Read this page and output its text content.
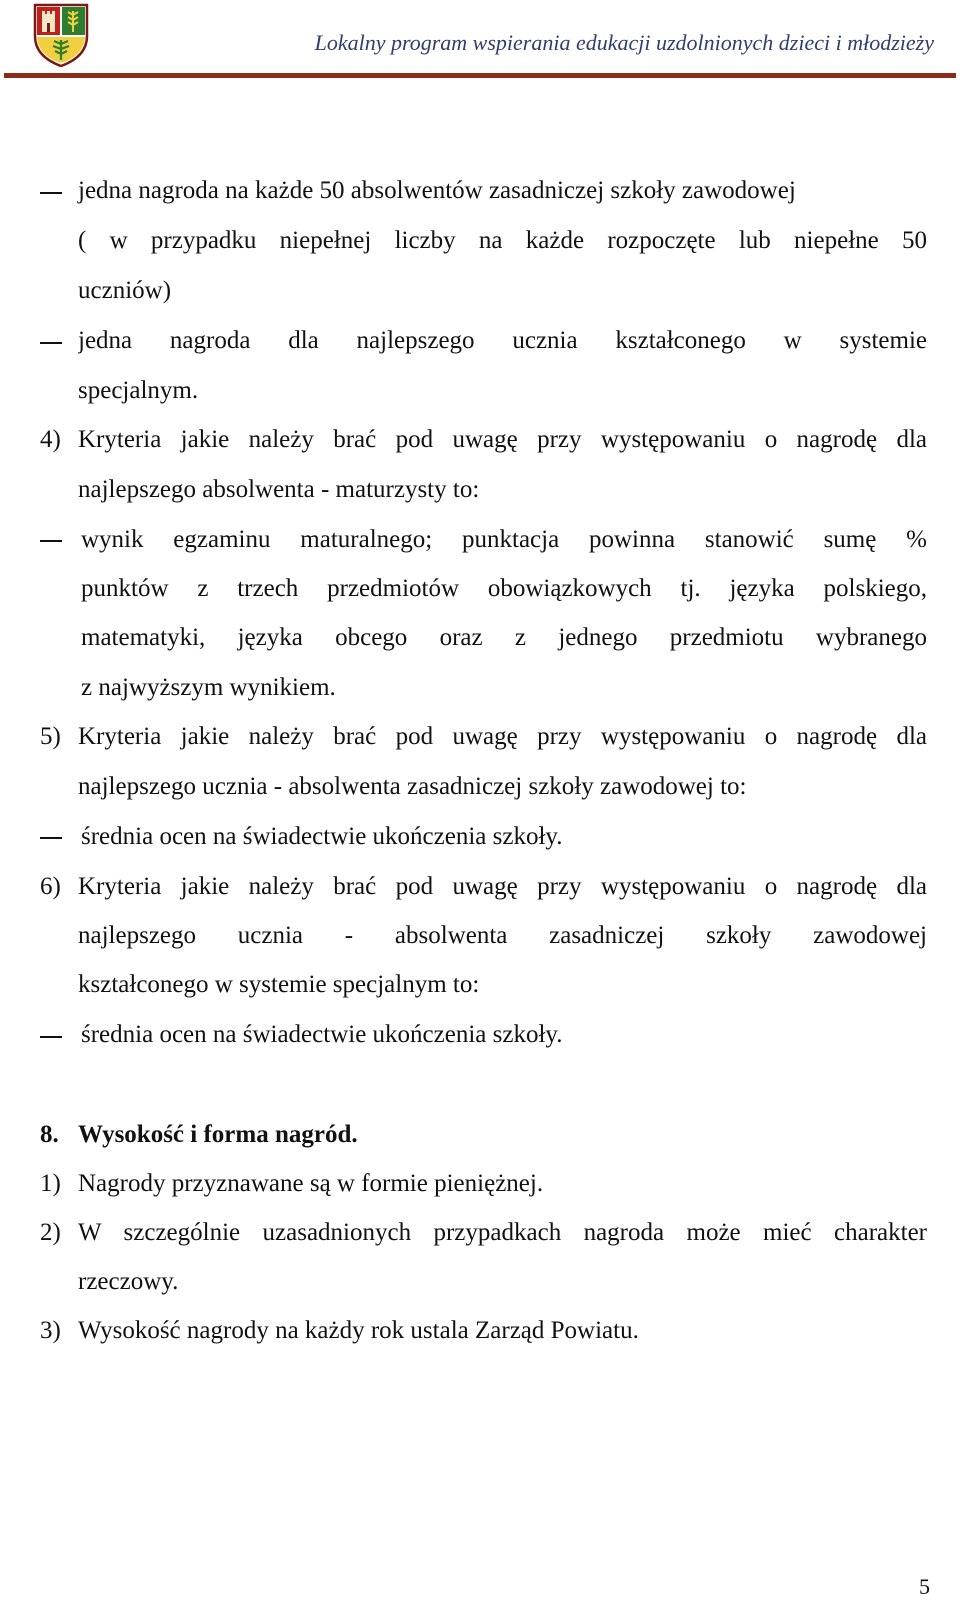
Lokalny program wspierania edukacji uzdolnionych dzieci i młodzieży
jedna nagroda na każde 50 absolwentów zasadniczej szkoły zawodowej
( w przypadku niepełnej liczby na każde rozpoczęte lub niepełne 50
uczniów)
jedna nagroda dla najlepszego ucznia kształconego w systemie
specjalnym.
4) Kryteria jakie należy brać pod uwagę przy występowaniu o nagrodę dla
najlepszego absolwenta - maturzysty to:
wynik egzaminu maturalnego; punktacja powinna stanowić sumę %
punktów z trzech przedmiotów obowiązkowych tj. języka polskiego,
matematyki, języka obcego oraz z jednego przedmiotu wybranego
z najwyższym wynikiem.
5) Kryteria jakie należy brać pod uwagę przy występowaniu o nagrodę dla
najlepszego ucznia - absolwenta zasadniczej szkoły zawodowej to:
średnia ocen na świadectwie ukończenia szkoły.
6) Kryteria jakie należy brać pod uwagę przy występowaniu o nagrodę dla
najlepszego ucznia - absolwenta zasadniczej szkoły zawodowej
kształconego w systemie specjalnym to:
średnia ocen na świadectwie ukończenia szkoły.
8. Wysokość i forma nagród.
1) Nagrody przyznawane są w formie pieniężnej.
2) W szczególnie uzasadnionych przypadkach nagroda może mieć charakter
rzeczowy.
3) Wysokość nagrody na każdy rok ustala Zarząd Powiatu.
5
